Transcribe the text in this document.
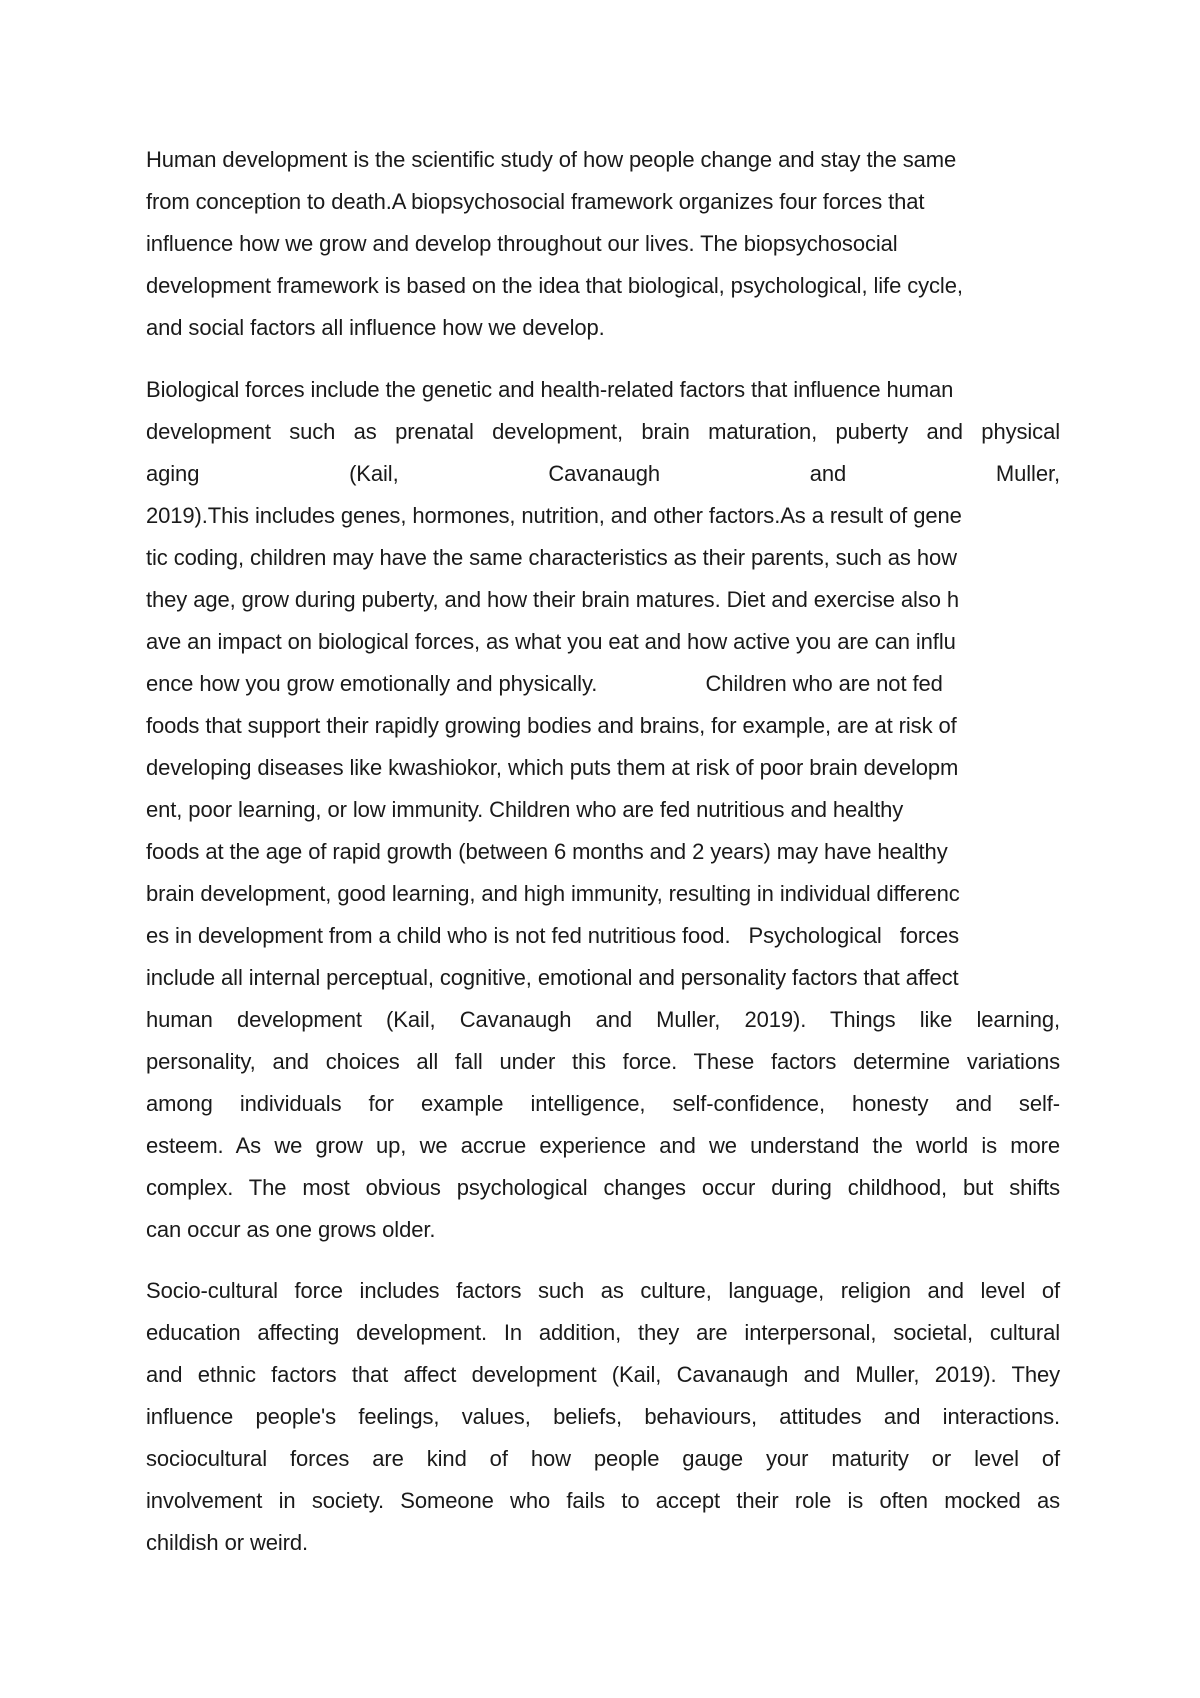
Human development is the scientific study of how people change and stay the same
from conception to death.A biopsychosocial framework organizes four forces that
influence how we grow and develop throughout our lives. The biopsychosocial
development framework is based on the idea that biological, psychological, life cycle,
and social factors all influence how we develop.
Biological forces include the genetic and health-related factors that influence human
development such as prenatal development, brain maturation, puberty and physical
aging (Kail, Cavanaugh and Muller,
2019).This includes genes, hormones, nutrition, and other factors.As a result of gene
tic coding, children may have the same characteristics as their parents, such as how
they age, grow during puberty, and how their brain matures. Diet and exercise also h
ave an impact on biological forces, as what you eat and how active you are can influ
ence how you grow emotionally and physically.                  Children who are not fed
foods that support their rapidly growing bodies and brains, for example, are at risk of
developing diseases like kwashiokor, which puts them at risk of poor brain developm
ent, poor learning, or low immunity. Children who are fed nutritious and healthy
foods at the age of rapid growth (between 6 months and 2 years) may have healthy
brain development, good learning, and high immunity, resulting in individual differenc
es in development from a child who is not fed nutritious food.   Psychological   forces
include all internal perceptual, cognitive, emotional and personality factors that affect
human development (Kail, Cavanaugh and Muller, 2019). Things like learning,
personality, and choices all fall under this force. These factors determine variations
among individuals for example intelligence, self-confidence, honesty and self-
esteem. As we grow up, we accrue experience and we understand the world is more
complex. The most obvious psychological changes occur during childhood, but shifts
can occur as one grows older.
Socio-cultural force includes factors such as culture, language, religion and level of
education affecting development. In addition, they are interpersonal, societal, cultural
and ethnic factors that affect development (Kail, Cavanaugh and Muller, 2019). They
influence people's feelings, values, beliefs, behaviours, attitudes and interactions.
sociocultural forces are kind of how people gauge your maturity or level of
involvement in society. Someone who fails to accept their role is often mocked as
childish or weird.
